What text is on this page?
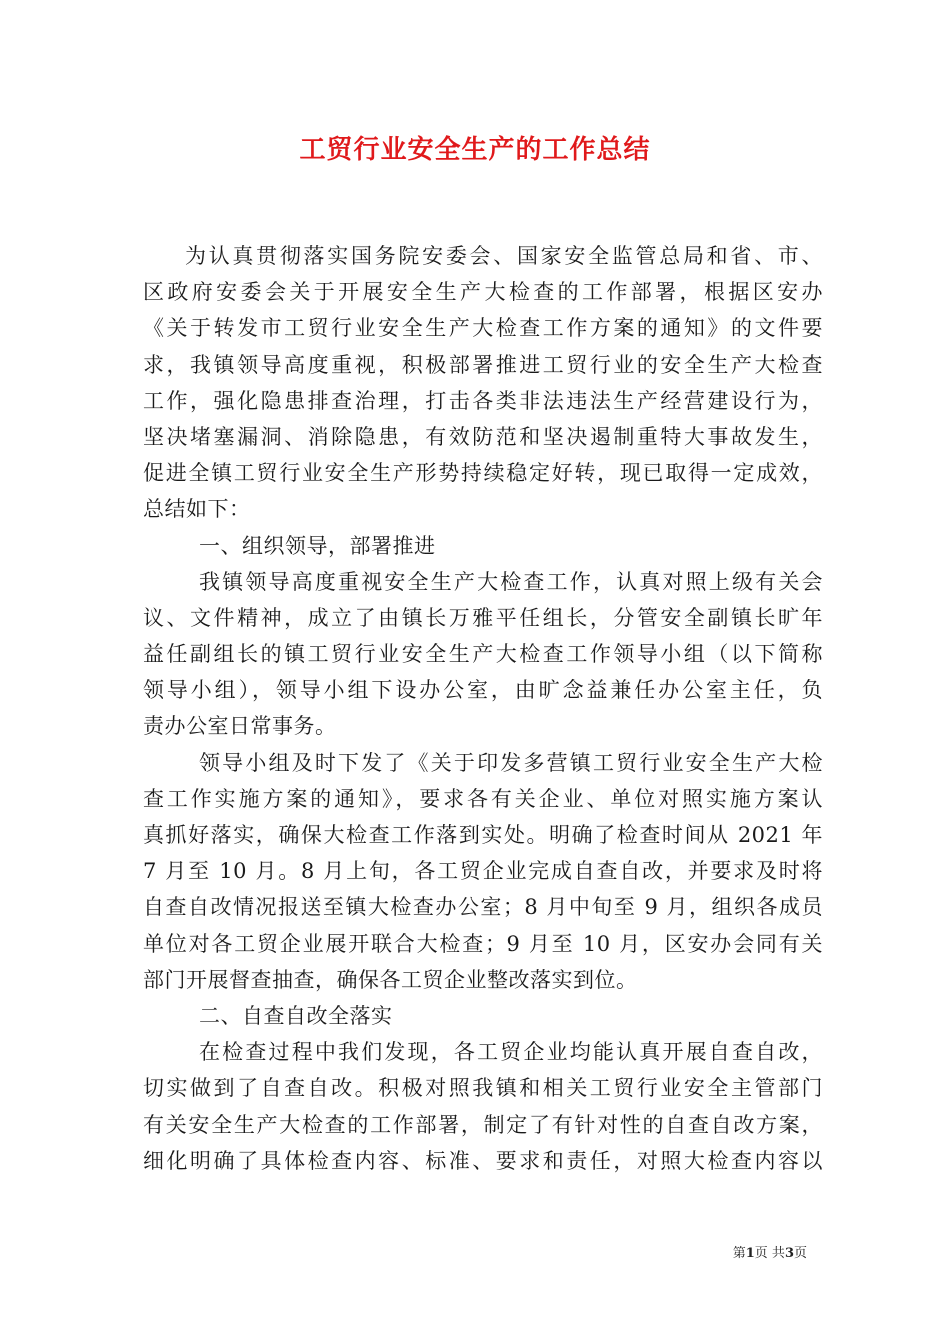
工贸行业安全生产的工作总结
为认真贯彻落实国务院安委会、国家安全监管总局和省、市、
区政府安委会关于开展安全生产大检查的工作部署，根据区安办
《关于转发市工贸行业安全生产大检查工作方案的通知》的文件要
求，我镇领导高度重视，积极部署推进工贸行业的安全生产大检查
工作，强化隐患排查治理，打击各类非法违法生产经营建设行为，
坚决堵塞漏洞、消除隐患，有效防范和坚决遏制重特大事故发生，
促进全镇工贸行业安全生产形势持续稳定好转，现已取得一定成效，
总结如下：
一、组织领导，部署推进
我镇领导高度重视安全生产大检查工作，认真对照上级有关会
议、文件精神，成立了由镇长万雅平任组长，分管安全副镇长旷年
益任副组长的镇工贸行业安全生产大检查工作领导小组（以下简称
领导小组），领导小组下设办公室，由旷念益兼任办公室主任，负
责办公室日常事务。
领导小组及时下发了《关于印发多营镇工贸行业安全生产大检
查工作实施方案的通知》，要求各有关企业、单位对照实施方案认
真抓好落实，确保大检查工作落到实处。明确了检查时间从 2021 年
7 月至 10 月。8 月上旬，各工贸企业完成自查自改，并要求及时将
自查自改情况报送至镇大检查办公室；8 月中旬至 9 月，组织各成员
单位对各工贸企业展开联合大检查；9 月至 10 月，区安办会同有关
部门开展督查抽查，确保各工贸企业整改落实到位。
二、自查自改全落实
在检查过程中我们发现，各工贸企业均能认真开展自查自改，
切实做到了自查自改。积极对照我镇和相关工贸行业安全主管部门
有关安全生产大检查的工作部署，制定了有针对性的自查自改方案，
细化明确了具体检查内容、标准、要求和责任，对照大检查内容以
第1页 共3页
